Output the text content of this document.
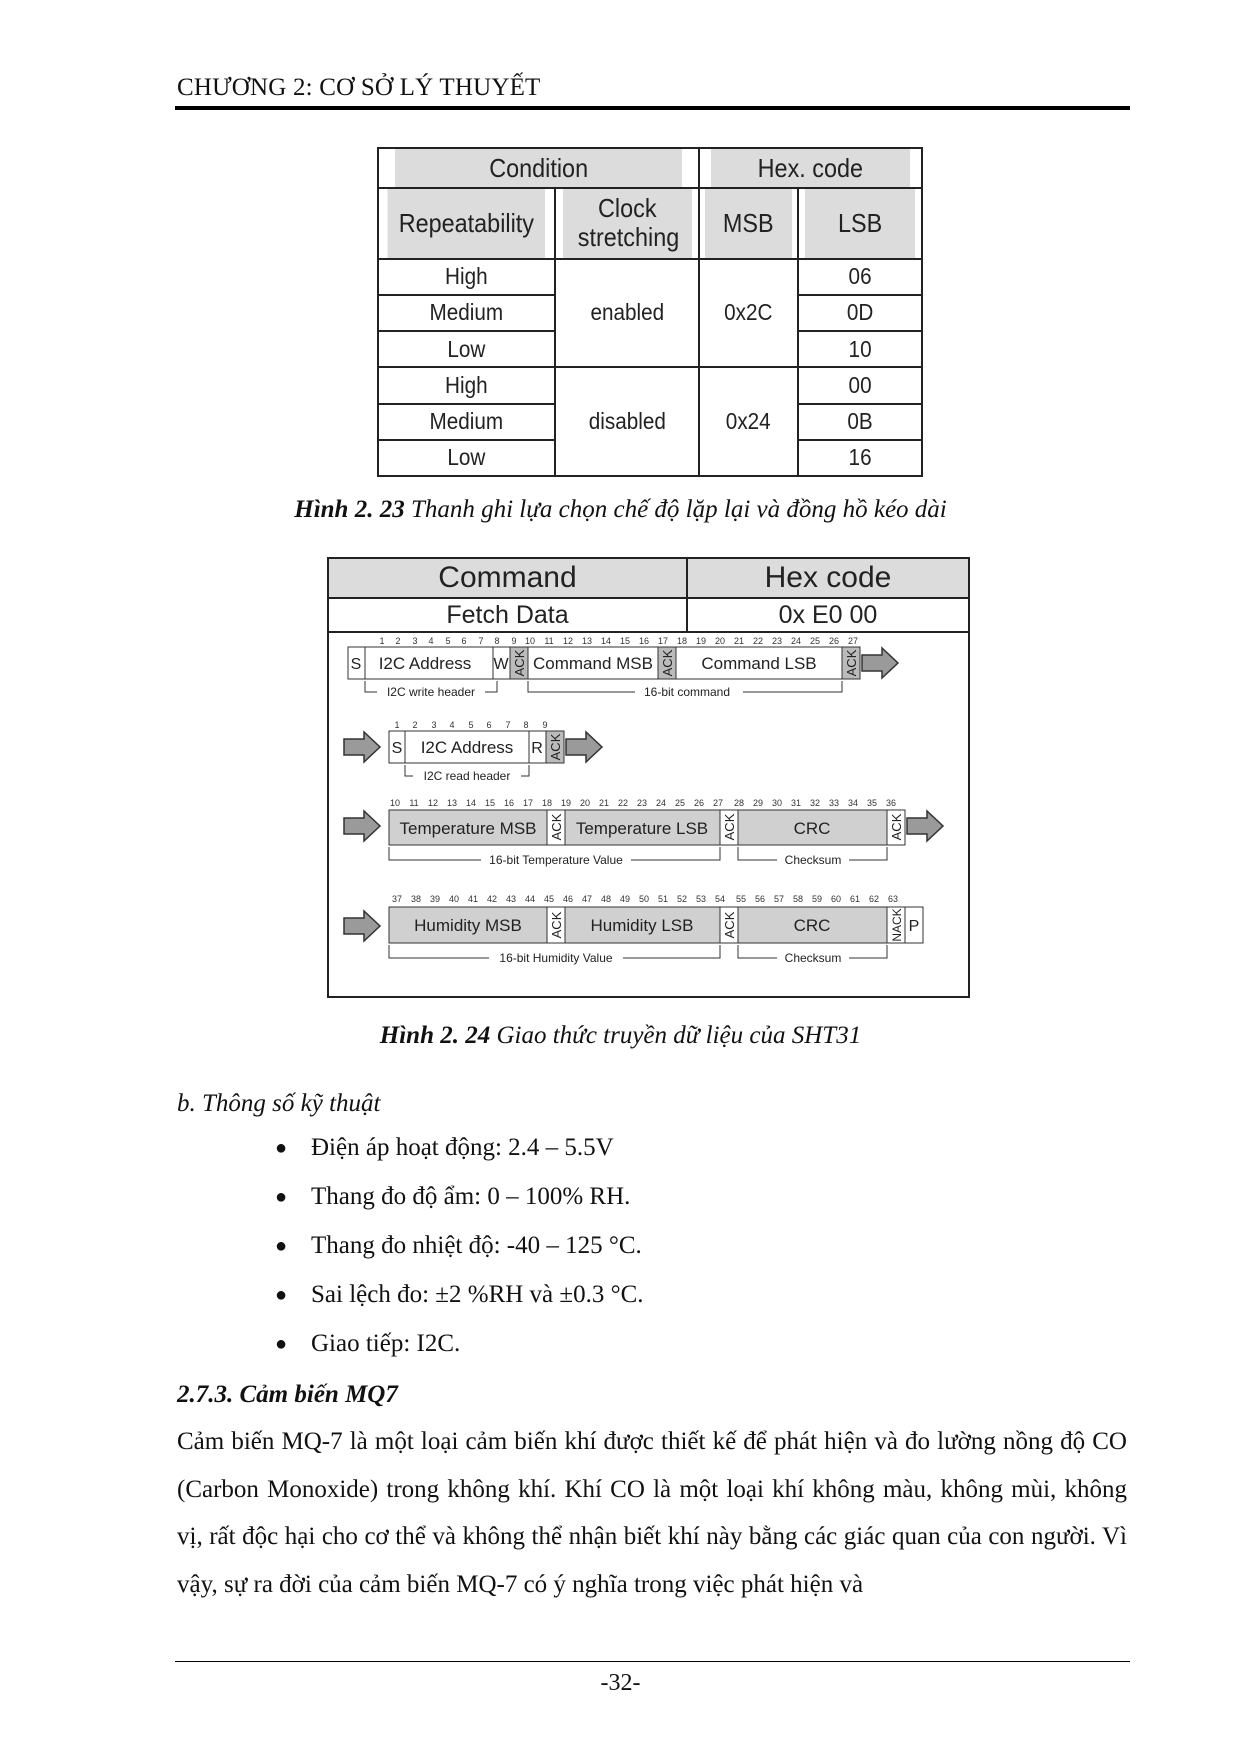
CHƯƠNG 2: CƠ SỞ LÝ THUYẾT
Condition		Hex. code	
Repeatability	Clock stretching	MSB	LSB
High	enabled	0x2C	06
Medium			0D
Low			10
High	disabled	0x24	00
Medium			0B
Low			16
Hình 2. 23 Thanh ghi lựa chọn chế độ lặp lại và đồng hồ kéo dài
Command	Hex code
Fetch Data	0x E0 00
1 2 3 4 5 6 7 8 9 10 11 12 13 14 15 16 17 18 19 20 21 22 23 24 25 26 27
S I2C Address W ACK Command MSB ACK Command LSB ACK
I2C write header	16-bit command
1 2 3 4 5 6 7 8 9
S I2C Address R ACK
I2C read header
10 11 12 13 14 15 16 17 18 19 20 21 22 23 24 25 26 27 28 29 30 31 32 33 34 35 36
Temperature MSB ACK Temperature LSB ACK	CRC	ACK
16-bit Temperature Value	Checksum
37 38 39 40 41 42 43 44 45 46 47 48 49 50 51 52 53 54 55 56 57 58 59 60 61 62 63
Humidity MSB ACK Humidity LSB ACK	CRC	NACK P
16-bit Humidity Value	Checksum
Hình 2. 24 Giao thức truyền dữ liệu của SHT31
b. Thông số kỹ thuật
● Điện áp hoạt động: 2.4 – 5.5V
● Thang đo độ ẩm: 0 – 100% RH.
● Thang đo nhiệt độ: -40 – 125 °C.
● Sai lệch đo: ±2 %RH và ±0.3 °C.
● Giao tiếp: I2C.
2.7.3. Cảm biến MQ7
Cảm biến MQ-7 là một loại cảm biến khí được thiết kế để phát hiện và đo lường nồng độ CO (Carbon Monoxide) trong không khí. Khí CO là một loại khí không màu, không mùi, không vị, rất độc hại cho cơ thể và không thể nhận biết khí này bằng các giác quan của con người. Vì vậy, sự ra đời của cảm biến MQ-7 có ý nghĩa trong việc phát hiện và
-32-
